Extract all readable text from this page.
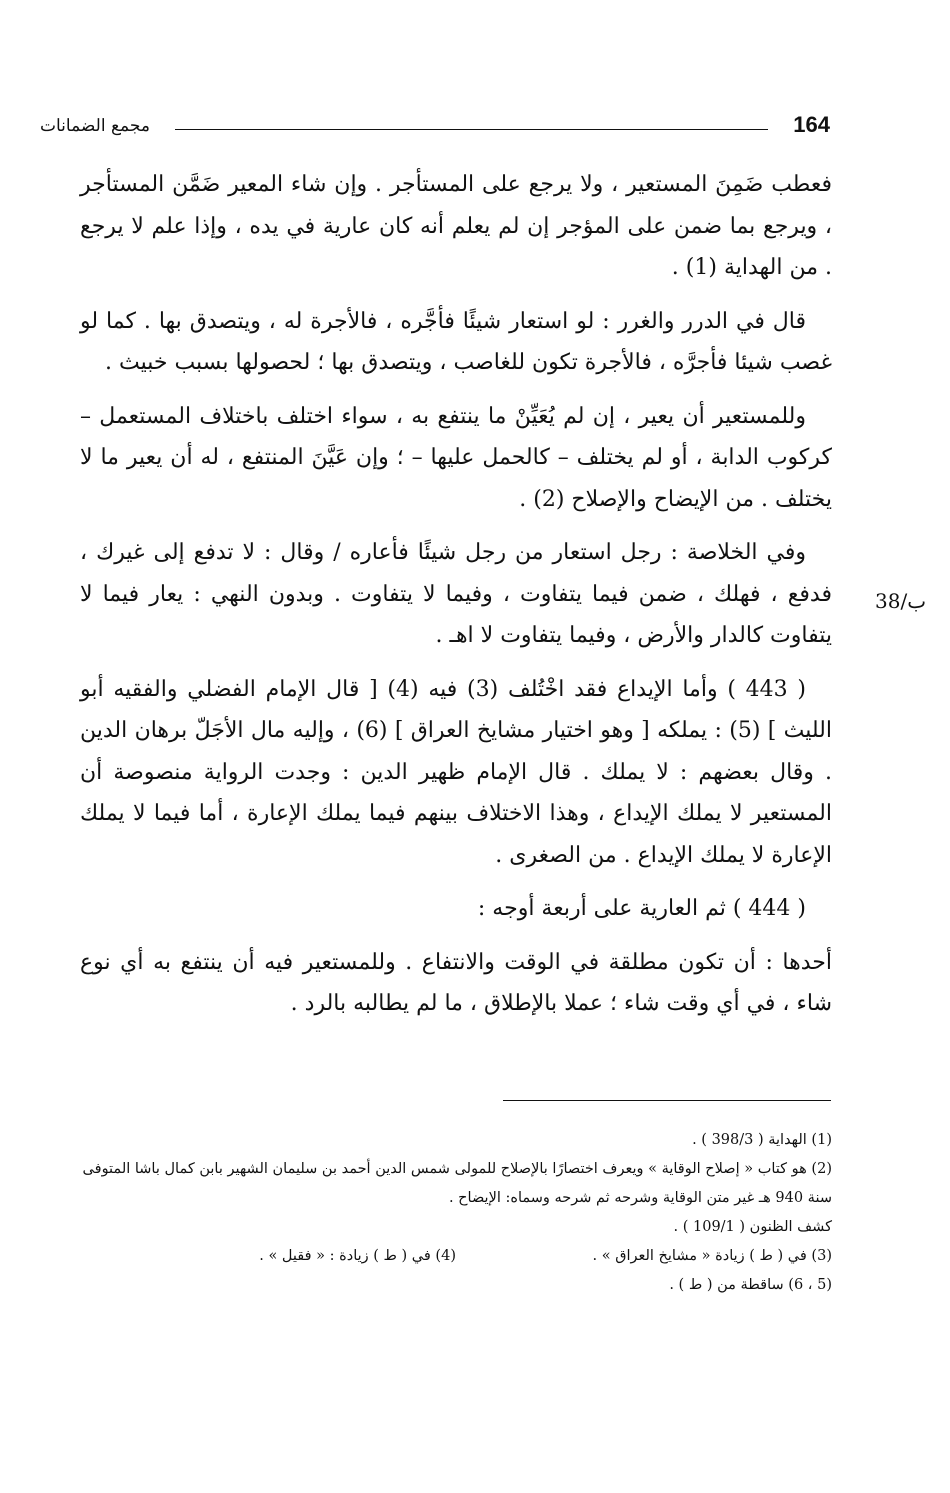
164
مجمع الضمانات
38/ب

فعطب ضَمِنَ المستعير ، ولا يرجع على المستأجر . وإن شاء المعير ضَمَّن المستأجر ، ويرجع بما ضمن على المؤجر إن لم يعلم أنه كان عارية في يده ، وإذا علم لا يرجع . من الهداية (1) .

قال في الدرر والغرر : لو استعار شيئًا فأجَّره ، فالأجرة له ، ويتصدق بها . كما لو غصب شيئا فأجرَّه ، فالأجرة تكون للغاصب ، ويتصدق بها ؛ لحصولها بسبب خبيث .

وللمستعير أن يعير ، إن لم يُعَيِّنْ ما ينتفع به ، سواء اختلف باختلاف المستعمل – كركوب الدابة ، أو لم يختلف – كالحمل عليها – ؛ وإن عَيَّنَ المنتفع ، له أن يعير ما لا يختلف . من الإيضاح والإصلاح (2) .

وفي الخلاصة : رجل استعار من رجل شيئًا فأعاره / وقال : لا تدفع إلى غيرك ، فدفع ، فهلك ، ضمن فيما يتفاوت ، وفيما لا يتفاوت . وبدون النهي : يعار فيما لا يتفاوت كالدار والأرض ، وفيما يتفاوت لا اهـ .

( 443 ) وأما الإيداع فقد اخْتُلف (3) فيه (4) [ قال الإمام الفضلي والفقيه أبو الليث ] (5) : يملكه [ وهو اختيار مشايخ العراق ] (6) ، وإليه مال الأجَلّ برهان الدين . وقال بعضهم : لا يملك . قال الإمام ظهير الدين : وجدت الرواية منصوصة أن المستعير لا يملك الإيداع ، وهذا الاختلاف بينهم فيما يملك الإعارة ، أما فيما لا يملك الإعارة لا يملك الإيداع . من الصغرى .

( 444 ) ثم العارية على أربعة أوجه :

أحدها : أن تكون مطلقة في الوقت والانتفاع . وللمستعير فيه أن ينتفع به أي نوع شاء ، في أي وقت شاء ؛ عملا بالإطلاق ، ما لم يطالبه بالرد .

(1) الهداية ( 398/3 ) .

(2) هو كتاب « إصلاح الوقاية » ويعرف اختصارًا بالإصلاح للمولى شمس الدين أحمد بن سليمان الشهير بابن كمال باشا المتوفى سنة 940 هـ غير متن الوقاية وشرحه ثم شرحه وسماه: الإيضاح .

كشف الظنون ( 109/1 ) .

(3) في ( ط ) زيادة « مشايخ العراق » .

(4) في ( ط ) زيادة : « فقيل » .

(5 ، 6) ساقطة من ( ط ) .
